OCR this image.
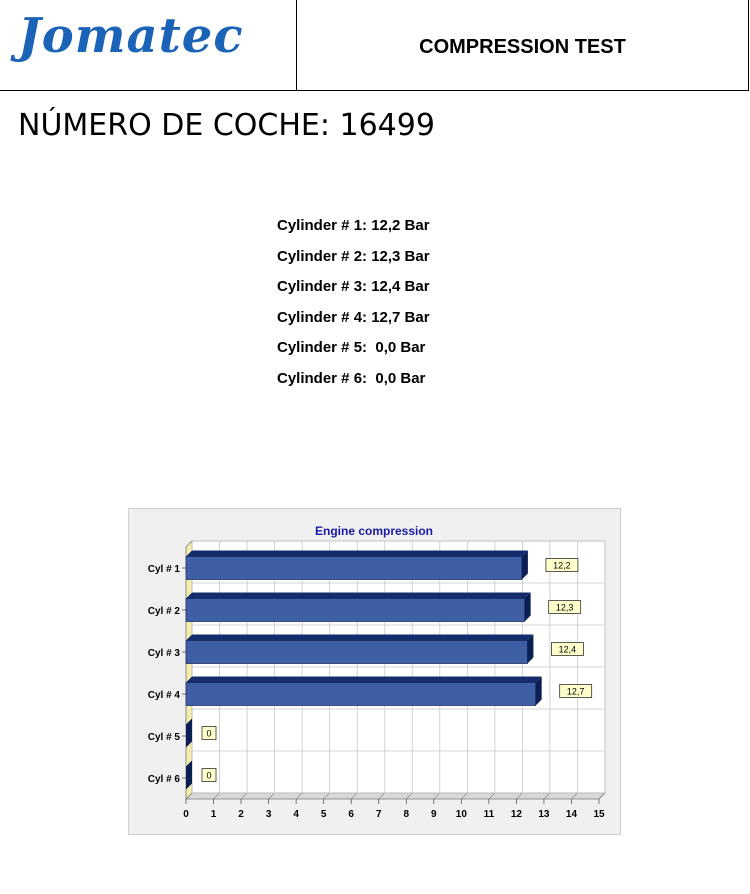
Jomatec	COMPRESSION TEST
NÚMERO DE COCHE: 16499
Cylinder # 1: 12,2 Bar
Cylinder # 2: 12,3 Bar
Cylinder # 3: 12,4 Bar
Cylinder # 4: 12,7 Bar
Cylinder # 5:  0,0 Bar
Cylinder # 6:  0,0 Bar
Engine compression
0 1 2 3 4 5 6 7 8 9 10 11 12 13 14 15
Cyl # 1	12,2
Cyl # 2	12,3
Cyl # 3	12,4
Cyl # 4	12,7
Cyl # 5	0
Cyl # 6	0
